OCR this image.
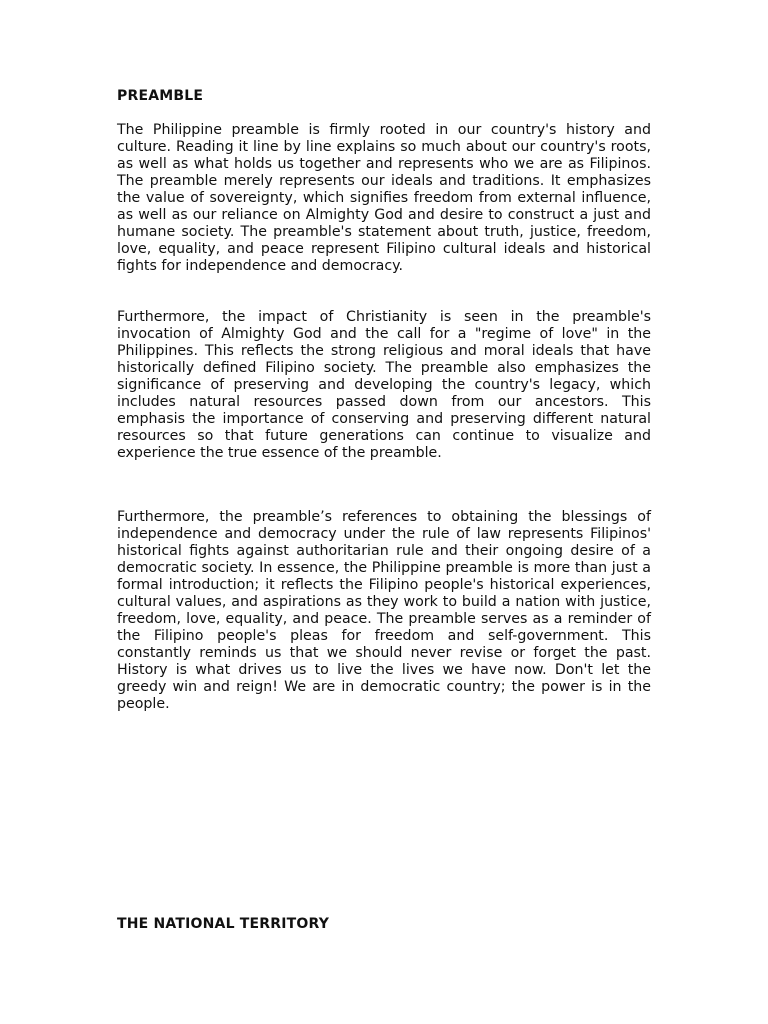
PREAMBLE

The Philippine preamble is firmly rooted in our country's history and culture. Reading it line by line explains so much about our country's roots, as well as what holds us together and represents who we are as Filipinos. The preamble merely represents our ideals and traditions. It emphasizes the value of sovereignty, which signifies freedom from external influence, as well as our reliance on Almighty God and desire to construct a just and humane society. The preamble's statement about truth, justice, freedom, love, equality, and peace represent Filipino cultural ideals and historical fights for independence and democracy.

Furthermore, the impact of Christianity is seen in the preamble's invocation of Almighty God and the call for a "regime of love" in the Philippines. This reflects the strong religious and moral ideals that have historically defined Filipino society. The preamble also emphasizes the significance of preserving and developing the country's legacy, which includes natural resources passed down from our ancestors. This emphasis the importance of conserving and preserving different natural resources so that future generations can continue to visualize and experience the true essence of the preamble.

Furthermore, the preamble’s references to obtaining the blessings of independence and democracy under the rule of law represents Filipinos' historical fights against authoritarian rule and their ongoing desire of a democratic society. In essence, the Philippine preamble is more than just a formal introduction; it reflects the Filipino people's historical experiences, cultural values, and aspirations as they work to build a nation with justice, freedom, love, equality, and peace. The preamble serves as a reminder of the Filipino people's pleas for freedom and self-government. This constantly reminds us that we should never revise or forget the past. History is what drives us to live the lives we have now. Don't let the greedy win and reign! We are in democratic country; the power is in the people.

THE NATIONAL TERRITORY
